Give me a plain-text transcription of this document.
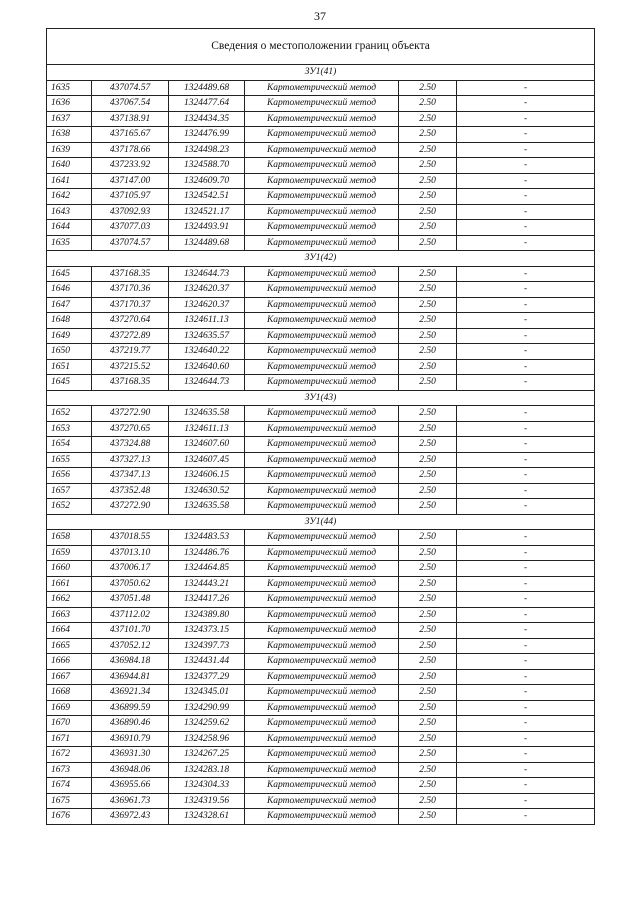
37
Сведения о местоположении границ объекта					
ЗУ1(41)					
1635	437074.57	1324489.68	Картометрический метод	2.50	-
1636	437067.54	1324477.64	Картометрический метод	2.50	-
1637	437138.91	1324434.35	Картометрический метод	2.50	-
1638	437165.67	1324476.99	Картометрический метод	2.50	-
1639	437178.66	1324498.23	Картометрический метод	2.50	-
1640	437233.92	1324588.70	Картометрический метод	2.50	-
1641	437147.00	1324609.70	Картометрический метод	2.50	-
1642	437105.97	1324542.51	Картометрический метод	2.50	-
1643	437092.93	1324521.17	Картометрический метод	2.50	-
1644	437077.03	1324493.91	Картометрический метод	2.50	-
1635	437074.57	1324489.68	Картометрический метод	2.50	-
ЗУ1(42)					
1645	437168.35	1324644.73	Картометрический метод	2.50	-
1646	437170.36	1324620.37	Картометрический метод	2.50	-
1647	437170.37	1324620.37	Картометрический метод	2.50	-
1648	437270.64	1324611.13	Картометрический метод	2.50	-
1649	437272.89	1324635.57	Картометрический метод	2.50	-
1650	437219.77	1324640.22	Картометрический метод	2.50	-
1651	437215.52	1324640.60	Картометрический метод	2.50	-
1645	437168.35	1324644.73	Картометрический метод	2.50	-
ЗУ1(43)					
1652	437272.90	1324635.58	Картометрический метод	2.50	-
1653	437270.65	1324611.13	Картометрический метод	2.50	-
1654	437324.88	1324607.60	Картометрический метод	2.50	-
1655	437327.13	1324607.45	Картометрический метод	2.50	-
1656	437347.13	1324606.15	Картометрический метод	2.50	-
1657	437352.48	1324630.52	Картометрический метод	2.50	-
1652	437272.90	1324635.58	Картометрический метод	2.50	-
ЗУ1(44)					
1658	437018.55	1324483.53	Картометрический метод	2.50	-
1659	437013.10	1324486.76	Картометрический метод	2.50	-
1660	437006.17	1324464.85	Картометрический метод	2.50	-
1661	437050.62	1324443.21	Картометрический метод	2.50	-
1662	437051.48	1324417.26	Картометрический метод	2.50	-
1663	437112.02	1324389.80	Картометрический метод	2.50	-
1664	437101.70	1324373.15	Картометрический метод	2.50	-
1665	437052.12	1324397.73	Картометрический метод	2.50	-
1666	436984.18	1324431.44	Картометрический метод	2.50	-
1667	436944.81	1324377.29	Картометрический метод	2.50	-
1668	436921.34	1324345.01	Картометрический метод	2.50	-
1669	436899.59	1324290.99	Картометрический метод	2.50	-
1670	436890.46	1324259.62	Картометрический метод	2.50	-
1671	436910.79	1324258.96	Картометрический метод	2.50	-
1672	436931.30	1324267.25	Картометрический метод	2.50	-
1673	436948.06	1324283.18	Картометрический метод	2.50	-
1674	436955.66	1324304.33	Картометрический метод	2.50	-
1675	436961.73	1324319.56	Картометрический метод	2.50	-
1676	436972.43	1324328.61	Картометрический метод	2.50	-
